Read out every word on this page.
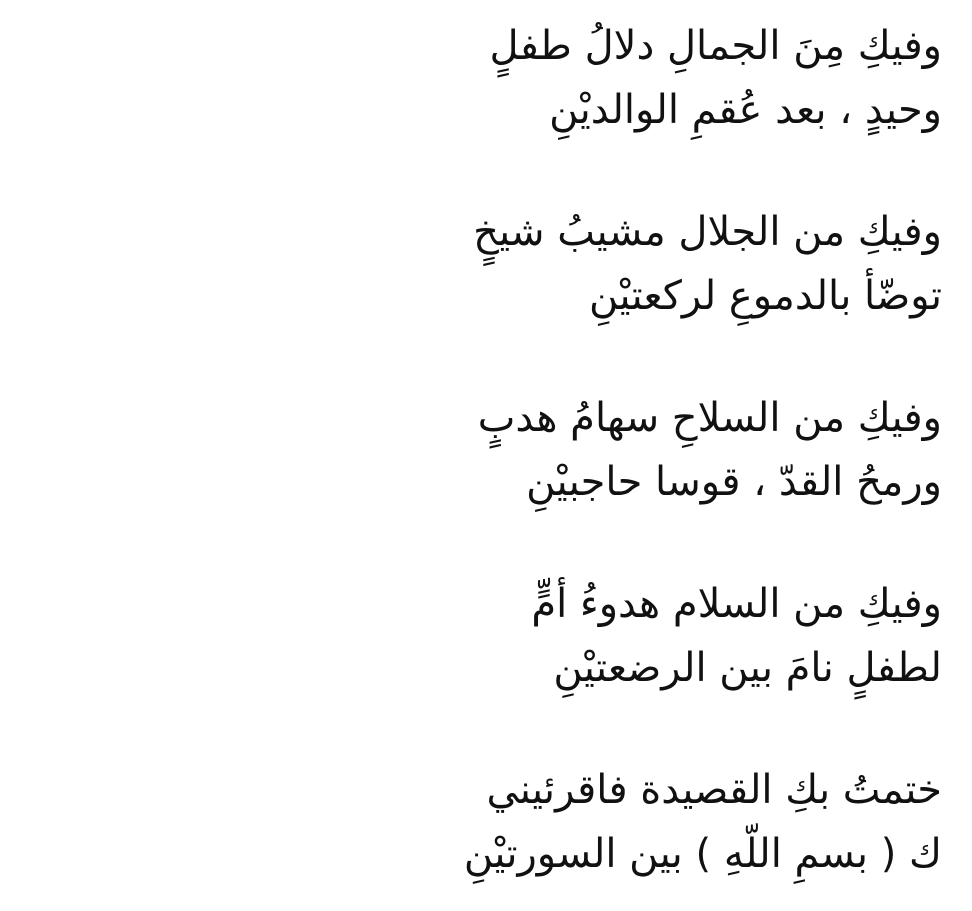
وفيكِ مِنَ الجمالِ دلالُ طفلٍ
وحيدٍ ، بعد عُقمِ الوالديْنِ
وفيكِ من الجلال مشيبُ شيخٍ
توضّأ بالدموعِ لركعتيْنِ
وفيكِ من السلاحِ سهامُ هدبٍ
ورمحُ القدّ ، قوسا حاجبيْنِ
وفيكِ من السلام هدوءُ أمٍّ
لطفلٍ نامَ بين الرضعتيْنِ
ختمتُ بكِ القصيدة فاقرئيني
ك ( بسمِ اللّهِ ) بين السورتيْنِ
